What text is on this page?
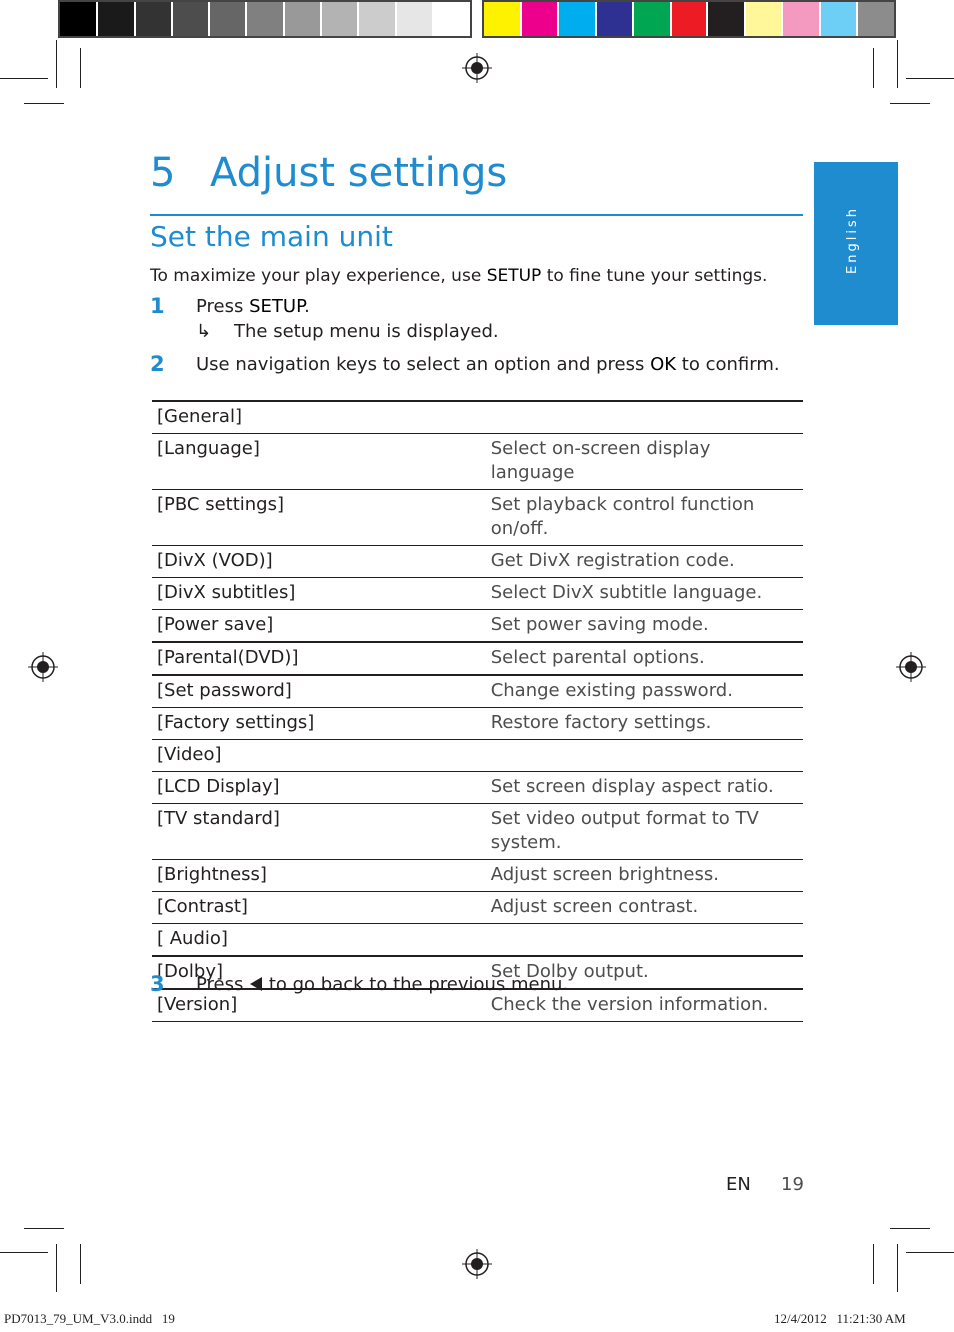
English
5 Adjust settings
Set the main unit
To maximize your play experience, use SETUP to fine tune your settings.
1 Press SETUP.
↳ The setup menu is displayed.
2 Use navigation keys to select an option and press OK to confirm.
[General]	
[Language]	Select on-screen display language
[PBC settings]	Set playback control function on/off.
[DivX (VOD)]	Get DivX registration code.
[DivX subtitles]	Select DivX subtitle language.
[Power save]	Set power saving mode.
[Parental(DVD)]	Select parental options.
[Set password]	Change existing password.
[Factory settings]	Restore factory settings.
[Video]	
[LCD Display]	Set screen display aspect ratio.
[TV standard]	Set video output format to TV system.
[Brightness]	Adjust screen brightness.
[Contrast]	Adjust screen contrast.
[ Audio]	
[Dolby]	Set Dolby output.
[Version]	Check the version information.
3 Press  to go back to the previous menu.
EN 19
PD7013_79_UM_V3.0.indd   19	12/4/2012   11:21:30 AM
